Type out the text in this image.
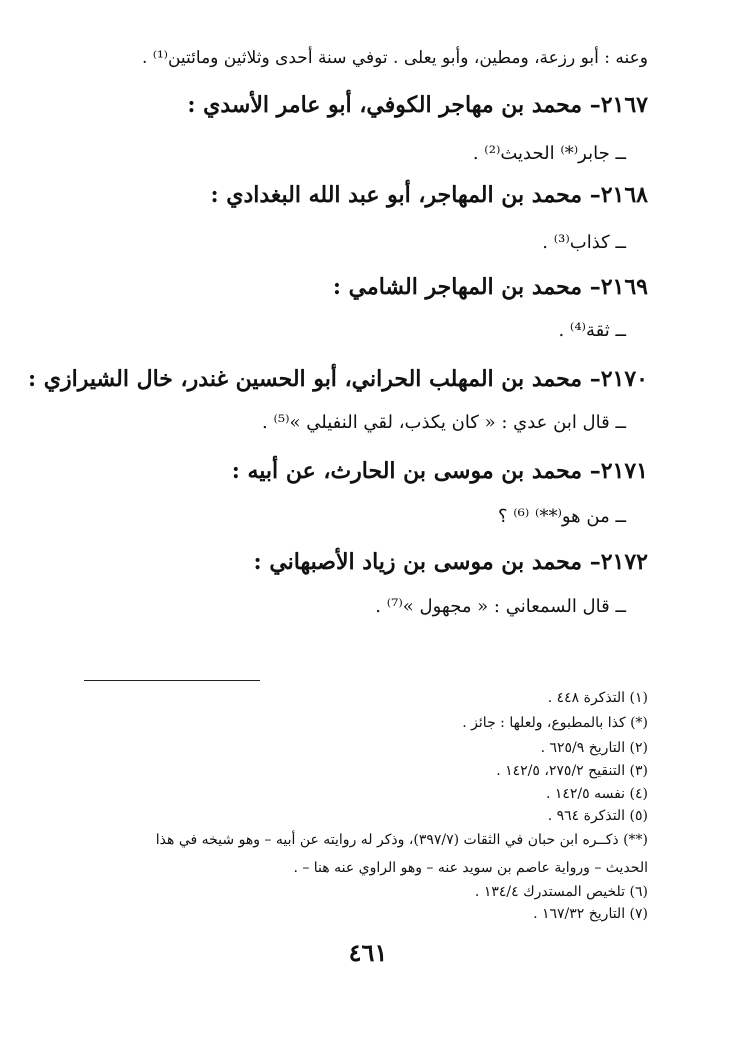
وعنه : أبو رزعة، ومطين، وأبو يعلى . توفي سنة أحدى وثلاثين ومائتين⁽¹⁾ .
٢١٦٧– محمد بن مهاجر الكوفي، أبو عامر الأسدي :
ــ جابر⁽*⁾ الحديث⁽²⁾ .
٢١٦٨– محمد بن المهاجر، أبو عبد الله البغدادي :
ــ كذاب⁽³⁾ .
٢١٦٩– محمد بن المهاجر الشامي :
ــ ثقة⁽⁴⁾ .
٢١٧٠– محمد بن المهلب الحراني، أبو الحسين غندر، خال الشيرازي :
ــ قال ابن عدي : « كان يكذب، لقي النفيلي »⁽⁵⁾ .
٢١٧١– محمد بن موسى بن الحارث، عن أبيه :
ــ من هو⁽**⁾ ⁽⁶⁾ ؟
٢١٧٢– محمد بن موسى بن زياد الأصبهاني :
ــ قال السمعاني : « مجهول »⁽⁷⁾ .
(١) التذكرة ٤٤٨ .
(*) كذا بالمطبوع، ولعلها : جائز .
(٢) التاريخ ٦٢٥/٩ .
(٣) التنقيح ٢٧٥/٢، ١٤٢/٥ .
(٤) نفسه ١٤٢/٥ .
(٥) التذكرة ٩٦٤ .
(**) ذكــره ابن حبان في الثقات (٣٩٧/٧)، وذكر له روايته عن أبيه – وهو شيخه في هذا
الحديث – ورواية عاصم بن سويد عنه – وهو الراوي عنه هنا – .
(٦) تلخيص المستدرك ١٣٤/٤ .
(٧) التاريخ ١٦٧/٣٢ .
٤٦١
